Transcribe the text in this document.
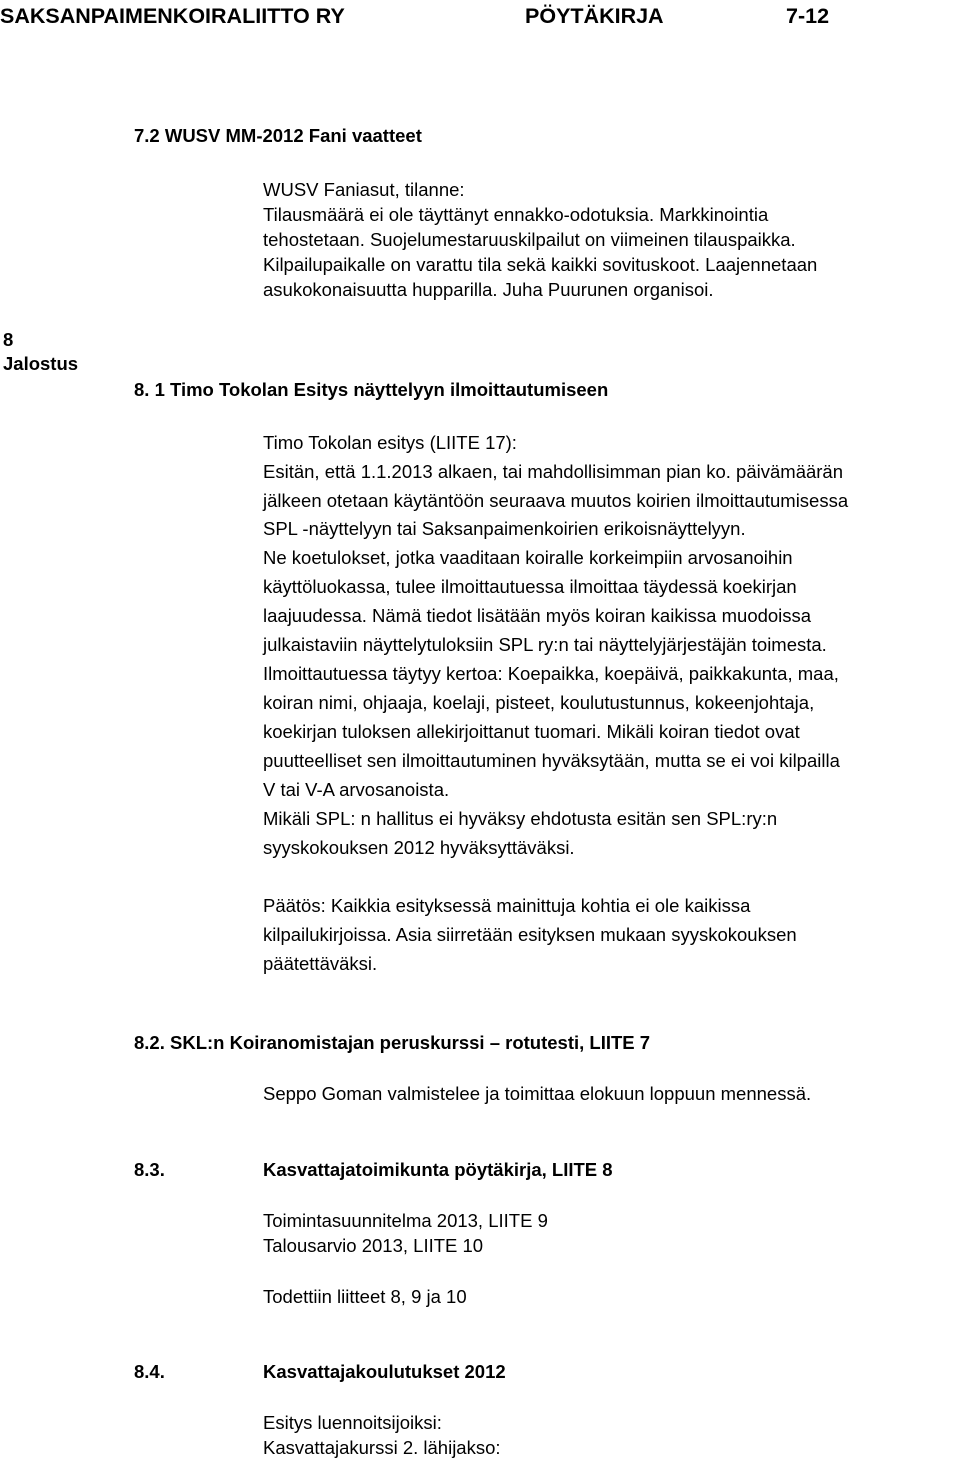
SAKSANPAIMENKOIRALIITTO RY	PÖYTÄKIRJA	7-12
7.2 WUSV MM-2012 Fani vaatteet
WUSV Faniasut, tilanne:
Tilausmäärä ei ole täyttänyt ennakko-odotuksia. Markkinointia
tehostetaan. Suojelumestaruuskilpailut on viimeinen tilauspaikka.
Kilpailupaikalle on varattu tila sekä kaikki sovituskoot. Laajennetaan
asukokonaisuutta hupparilla. Juha Puurunen organisoi.
8
Jalostus
8. 1 Timo Tokolan Esitys näyttelyyn ilmoittautumiseen
Timo Tokolan esitys (LIITE 17):
Esitän, että 1.1.2013 alkaen, tai mahdollisimman pian ko. päivämäärän
jälkeen otetaan käytäntöön seuraava muutos koirien ilmoittautumisessa
SPL -näyttelyyn tai Saksanpaimenkoirien erikoisnäyttelyyn.
Ne koetulokset, jotka vaaditaan koiralle korkeimpiin arvosanoihin
käyttöluokassa, tulee ilmoittautuessa ilmoittaa täydessä koekirjan
laajuudessa. Nämä tiedot lisätään myös koiran kaikissa muodoissa
julkaistaviin näyttelytuloksiin SPL ry:n tai näyttelyjärjestäjän toimesta.
Ilmoittautuessa täytyy kertoa: Koepaikka, koepäivä, paikkakunta, maa,
koiran nimi, ohjaaja, koelaji, pisteet, koulutustunnus, kokeenjohtaja,
koekirjan tuloksen allekirjoittanut tuomari. Mikäli koiran tiedot ovat
puutteelliset sen ilmoittautuminen hyväksytään, mutta se ei voi kilpailla
V tai V-A arvosanoista.
Mikäli SPL: n hallitus ei hyväksy ehdotusta esitän sen SPL:ry:n
syyskokouksen 2012 hyväksyttäväksi.
Päätös: Kaikkia esityksessä mainittuja kohtia ei ole kaikissa
kilpailukirjoissa. Asia siirretään esityksen mukaan syyskokouksen
päätettäväksi.
8.2. SKL:n Koiranomistajan peruskurssi – rotutesti, LIITE 7
Seppo Goman valmistelee ja toimittaa elokuun loppuun mennessä.
8.3.	Kasvattajatoimikunta pöytäkirja, LIITE 8
Toimintasuunnitelma 2013, LIITE 9
Talousarvio 2013, LIITE 10
Todettiin liitteet 8, 9 ja 10
8.4.	Kasvattajakoulutukset 2012
Esitys luennoitsijoiksi:
Kasvattajakurssi 2. lähijakso:
